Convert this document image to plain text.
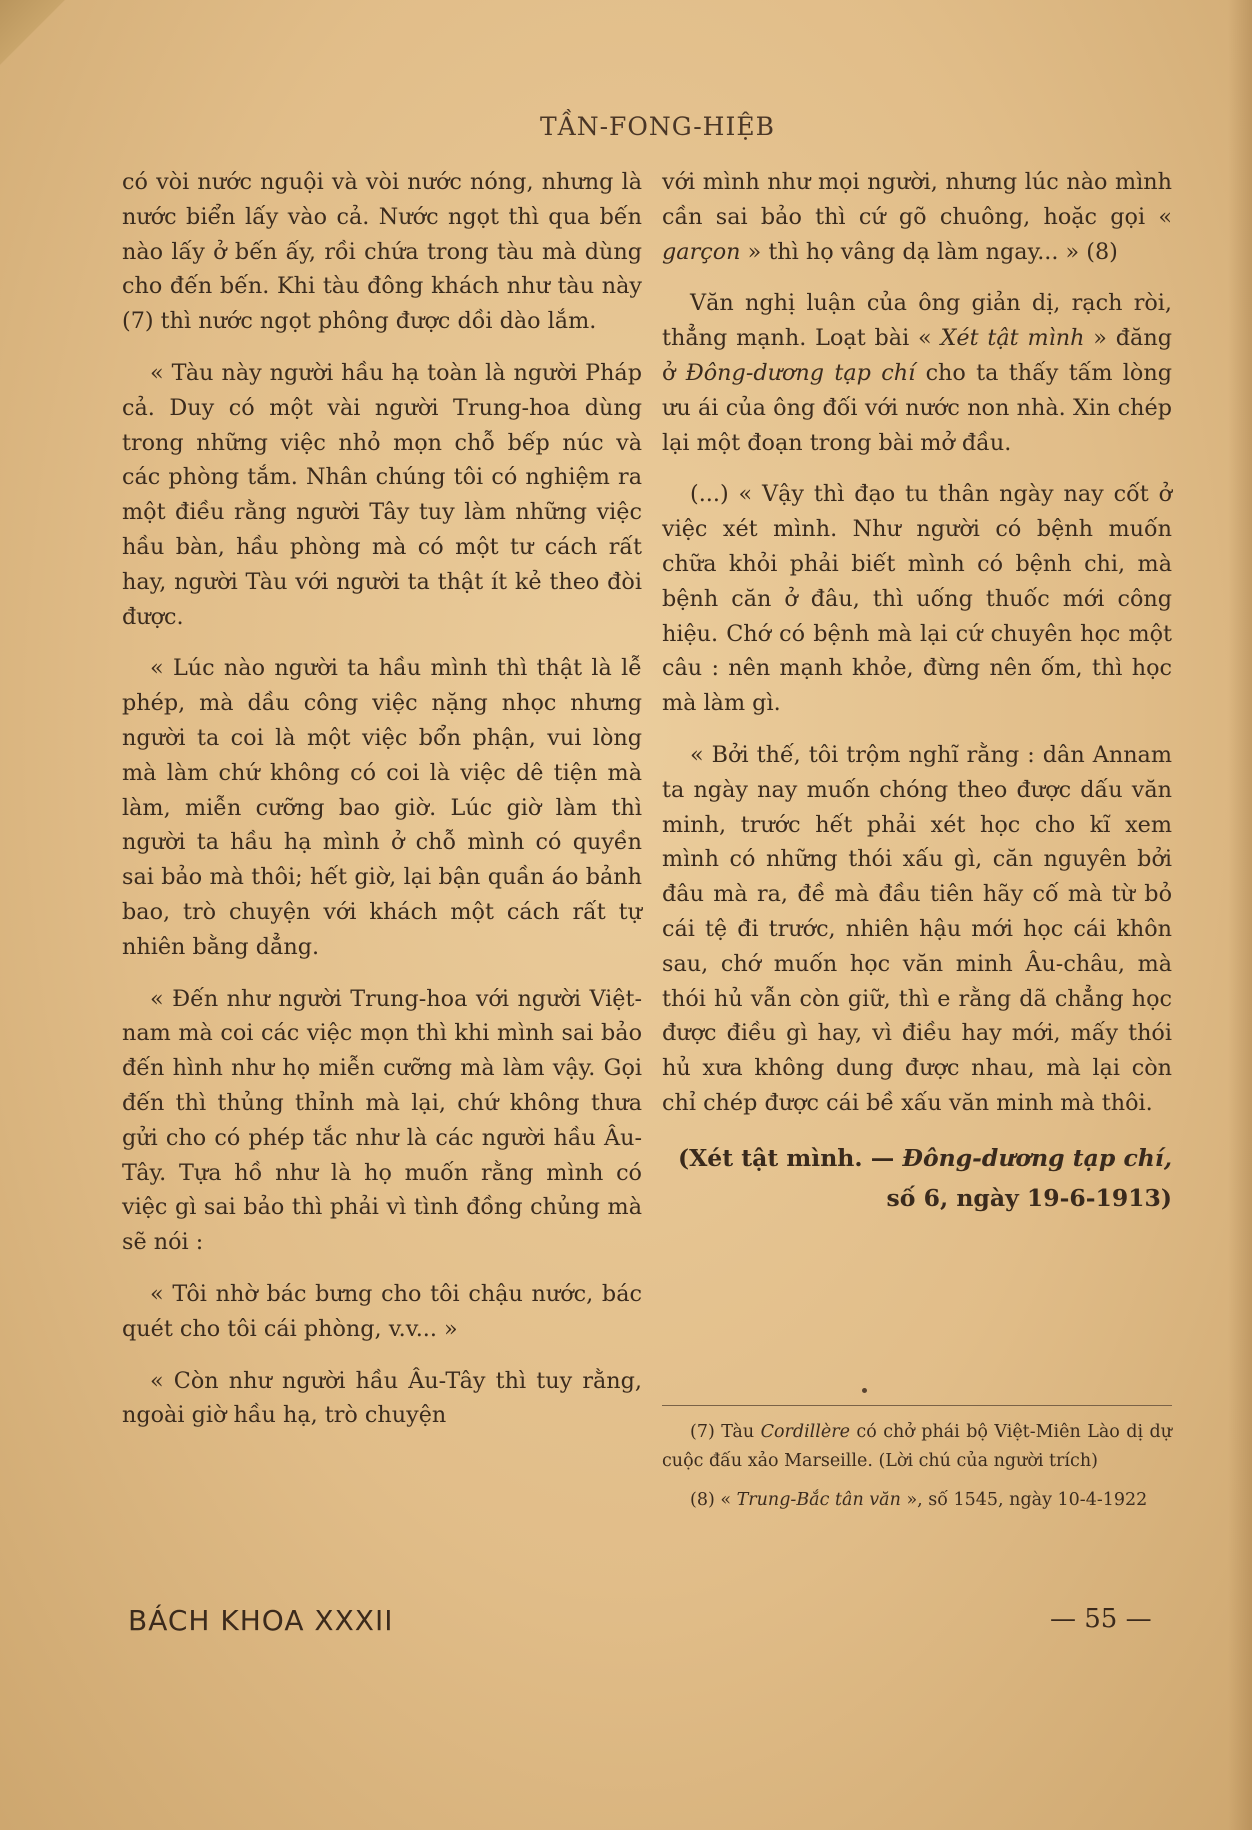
TẦN-FONG-HIỆB

có vòi nước nguội và vòi nước nóng, nhưng là nước biển lấy vào cả. Nước ngọt thì qua bến nào lấy ở bến ấy, rồi chứa trong tàu mà dùng cho đến bến. Khi tàu đông khách như tàu này (7) thì nước ngọt phông được dồi dào lắm.

« Tàu này người hầu hạ toàn là người Pháp cả. Duy có một vài người Trung-hoa dùng trong những việc nhỏ mọn chỗ bếp núc và các phòng tắm. Nhân chúng tôi có nghiệm ra một điều rằng người Tây tuy làm những việc hầu bàn, hầu phòng mà có một tư cách rất hay, người Tàu với người ta thật ít kẻ theo đòi được.

« Lúc nào người ta hầu mình thì thật là lễ phép, mà dầu công việc nặng nhọc nhưng người ta coi là một việc bổn phận, vui lòng mà làm chứ không có coi là việc dê tiện mà làm, miễn cưỡng bao giờ. Lúc giờ làm thì người ta hầu hạ mình ở chỗ mình có quyền sai bảo mà thôi; hết giờ, lại bận quần áo bảnh bao, trò chuyện với khách một cách rất tự nhiên bằng dẳng.

« Đến như người Trung-hoa với người Việt-nam mà coi các việc mọn thì khi mình sai bảo đến hình như họ miễn cưỡng mà làm vậy. Gọi đến thì thủng thỉnh mà lại, chứ không thưa gửi cho có phép tắc như là các người hầu Âu-Tây. Tựa hồ như là họ muốn rằng mình có việc gì sai bảo thì phải vì tình đồng chủng mà sẽ nói :

« Tôi nhờ bác bưng cho tôi chậu nước, bác quét cho tôi cái phòng, v.v... »

« Còn như người hầu Âu-Tây thì tuy rằng, ngoài giờ hầu hạ, trò chuyện

với mình như mọi người, nhưng lúc nào mình cần sai bảo thì cứ gõ chuông, hoặc gọi « garçon » thì họ vâng dạ làm ngay... » (8)

Văn nghị luận của ông giản dị, rạch ròi, thẳng mạnh. Loạt bài « Xét tật mình » đăng ở Đông-dương tạp chí cho ta thấy tấm lòng ưu ái của ông đối với nước non nhà. Xin chép lại một đoạn trong bài mở đầu.

(...) « Vậy thì đạo tu thân ngày nay cốt ở việc xét mình. Như người có bệnh muốn chữa khỏi phải biết mình có bệnh chi, mà bệnh căn ở đâu, thì uống thuốc mới công hiệu. Chớ có bệnh mà lại cứ chuyên học một câu : nên mạnh khỏe, đừng nên ốm, thì học mà làm gì.

« Bởi thế, tôi trộm nghĩ rằng : dân Annam ta ngày nay muốn chóng theo được dấu văn minh, trước hết phải xét học cho kĩ xem mình có những thói xấu gì, căn nguyên bởi đâu mà ra, đề mà đầu tiên hãy cố mà từ bỏ cái tệ đi trước, nhiên hậu mới học cái khôn sau, chớ muốn học văn minh Âu-châu, mà thói hủ vẫn còn giữ, thì e rằng dã chẳng học được điều gì hay, vì điều hay mới, mấy thói hủ xưa không dung được nhau, mà lại còn chỉ chép được cái bề xấu văn minh mà thôi.

(Xét tật mình. — Đông-dương tạp chí, số 6, ngày 19-6-1913)

(7) Tàu Cordillère có chở phái bộ Việt-Miên Lào dị dự cuộc đấu xảo Marseille. (Lời chú của người trích)

(8) « Trung-Bắc tân văn », số 1545, ngày 10-4-1922

BÁCH KHOA XXXII	— 55 —
